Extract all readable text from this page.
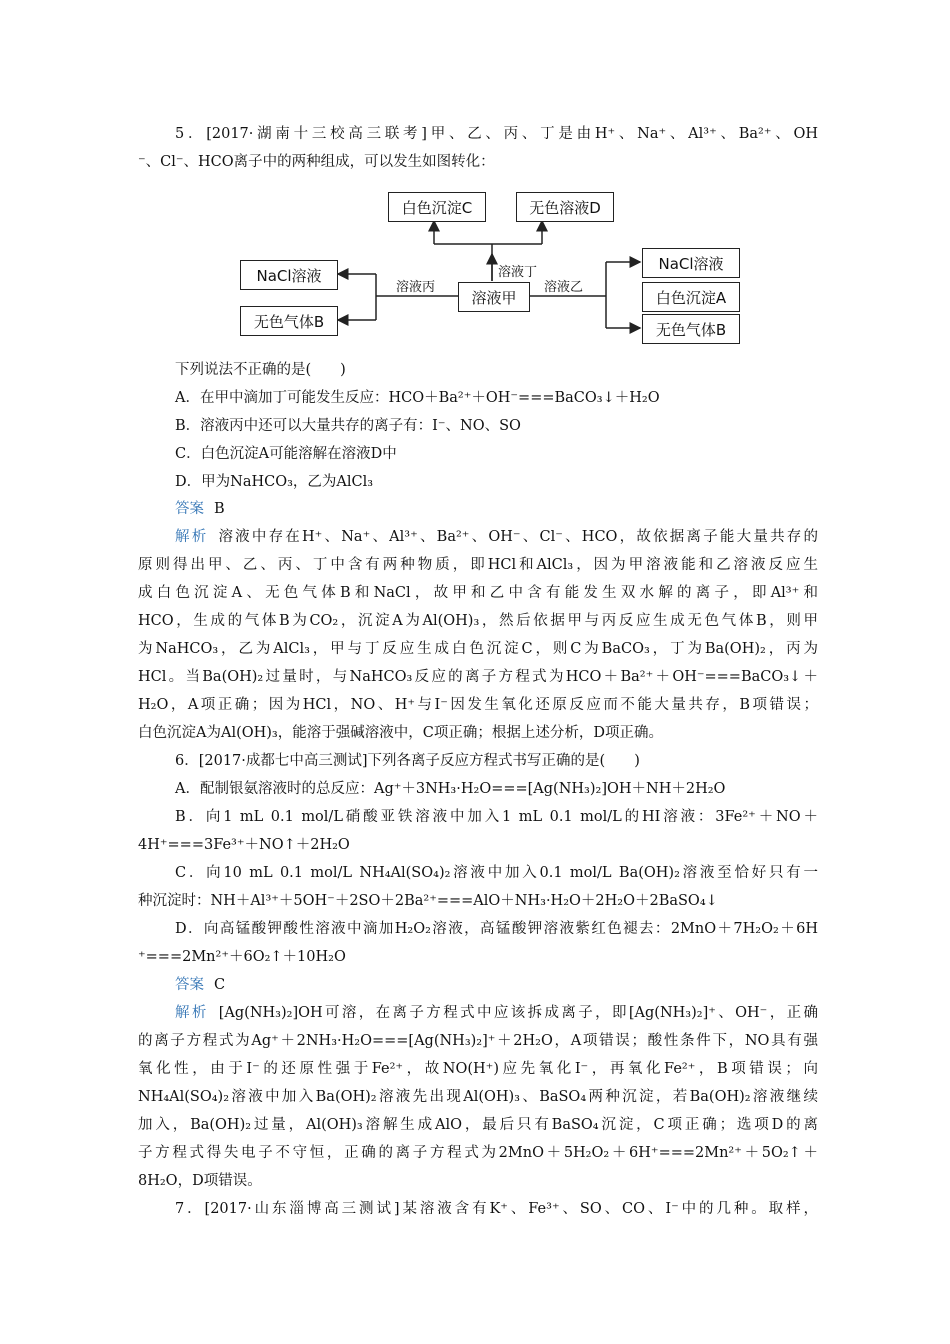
5．[2017·湖南十三校高三联考]甲、乙、丙、丁是由H⁺、Na⁺、Al³⁺、Ba²⁺、OH
⁻、Cl⁻、HCO离子中的两种组成，可以发生如图转化：
白色沉淀C	无色溶液D
NaCl溶液
无色气体B
溶液甲
NaCl溶液
白色沉淀A
无色气体B
溶液丙
溶液丁
溶液乙
下列说法不正确的是(　　)
A．在甲中滴加丁可能发生反应：HCO＋Ba²⁺＋OH⁻===BaCO₃↓＋H₂O
B．溶液丙中还可以大量共存的离子有：I⁻、NO、SO
C．白色沉淀A可能溶解在溶液D中
D．甲为NaHCO₃，乙为AlCl₃
答案 B
解析 溶液中存在H⁺、Na⁺、Al³⁺、Ba²⁺、OH⁻、Cl⁻、HCO，故依据离子能大量共存的
原则得出甲、乙、丙、丁中含有两种物质，即HCl和AlCl₃，因为甲溶液能和乙溶液反应生
成白色沉淀A、无色气体B和NaCl，故甲和乙中含有能发生双水解的离子，即Al³⁺和
HCO，生成的气体B为CO₂，沉淀A为Al(OH)₃，然后依据甲与丙反应生成无色气体B，则甲
为NaHCO₃，乙为AlCl₃，甲与丁反应生成白色沉淀C，则C为BaCO₃，丁为Ba(OH)₂，丙为
HCl。当Ba(OH)₂过量时，与NaHCO₃反应的离子方程式为HCO＋Ba²⁺＋OH⁻===BaCO₃↓＋
H₂O，A项正确；因为HCl，NO、H⁺与I⁻因发生氧化还原反应而不能大量共存，B项错误；
白色沉淀A为Al(OH)₃，能溶于强碱溶液中，C项正确；根据上述分析，D项正确。
6．[2017·成都七中高三测试]下列各离子反应方程式书写正确的是(　　)
A．配制银氨溶液时的总反应：Ag⁺＋3NH₃·H₂O===[Ag(NH₃)₂]OH＋NH＋2H₂O
B．向1 mL 0.1 mol/L硝酸亚铁溶液中加入1 mL 0.1 mol/L的HI溶液：3Fe²⁺＋NO＋
4H⁺===3Fe³⁺＋NO↑＋2H₂O
C．向10 mL 0.1 mol/L NH₄Al(SO₄)₂溶液中加入0.1 mol/L Ba(OH)₂溶液至恰好只有一
种沉淀时：NH＋Al³⁺＋5OH⁻＋2SO＋2Ba²⁺===AlO＋NH₃·H₂O＋2H₂O＋2BaSO₄↓
D．向高锰酸钾酸性溶液中滴加H₂O₂溶液，高锰酸钾溶液紫红色褪去：2MnO＋7H₂O₂＋6H
⁺===2Mn²⁺＋6O₂↑＋10H₂O
答案 C
解析 [Ag(NH₃)₂]OH可溶，在离子方程式中应该拆成离子，即[Ag(NH₃)₂]⁺、OH⁻，正确
的离子方程式为Ag⁺＋2NH₃·H₂O===[Ag(NH₃)₂]⁺＋2H₂O，A项错误；酸性条件下，NO具有强
氧化性，由于I⁻的还原性强于Fe²⁺，故NO(H⁺)应先氧化I⁻，再氧化Fe²⁺，B项错误；向
NH₄Al(SO₄)₂溶液中加入Ba(OH)₂溶液先出现Al(OH)₃、BaSO₄两种沉淀，若Ba(OH)₂溶液继续
加入，Ba(OH)₂过量，Al(OH)₃溶解生成AlO，最后只有BaSO₄沉淀，C项正确；选项D的离
子方程式得失电子不守恒，正确的离子方程式为2MnO＋5H₂O₂＋6H⁺===2Mn²⁺＋5O₂↑＋
8H₂O，D项错误。
7．[2017·山东淄博高三测试]某溶液含有K⁺、Fe³⁺、SO、CO、I⁻中的几种。取样，
